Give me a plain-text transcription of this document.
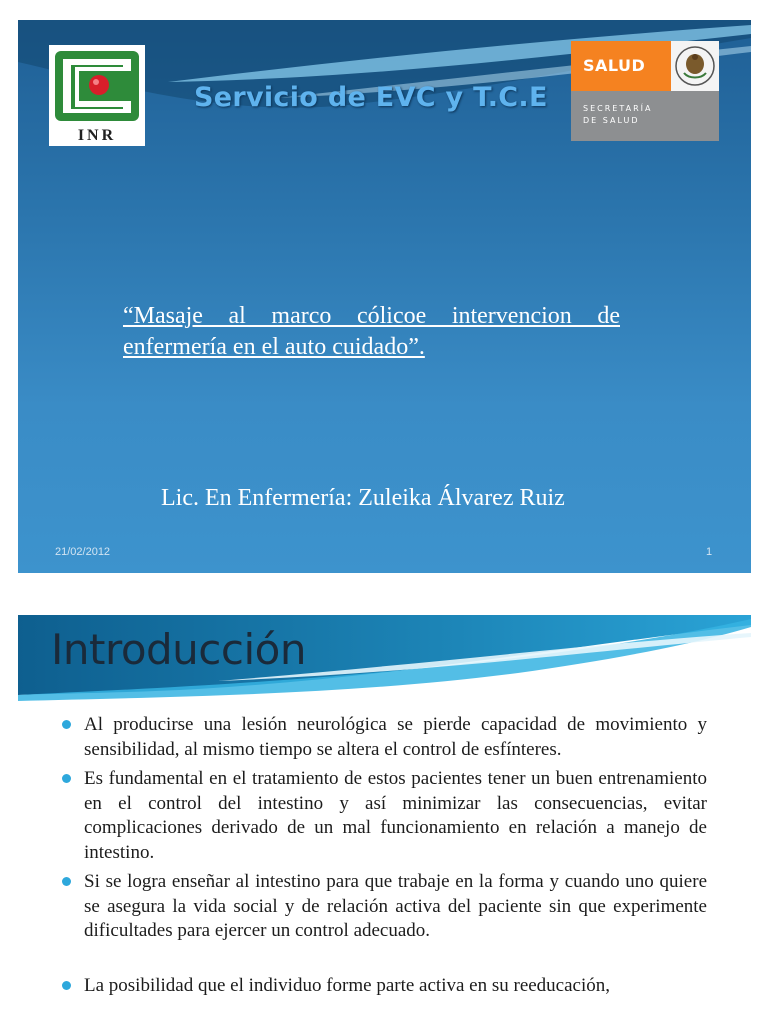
INR
Servicio de EVC y T.C.E
SALUD
SECRETARÍA
DE SALUD
“Masaje al marco cólicoe intervencion de enfermería en el auto cuidado”.
Lic. En Enfermería: Zuleika Álvarez Ruiz
21/02/2012	1
Introducción
Al producirse una lesión neurológica se pierde capacidad de movimiento y sensibilidad, al mismo tiempo se altera el control de esfínteres.
Es fundamental en el tratamiento de estos pacientes tener un buen entrenamiento en el control del intestino y así minimizar las consecuencias, evitar complicaciones derivado de un mal funcionamiento en relación a manejo de intestino.
Si se logra enseñar al intestino para que trabaje en la forma y cuando uno quiere se asegura la vida social y de relación activa del paciente sin que experimente dificultades para ejercer un control adecuado.
La posibilidad que el individuo forme parte activa en su reeducación,
